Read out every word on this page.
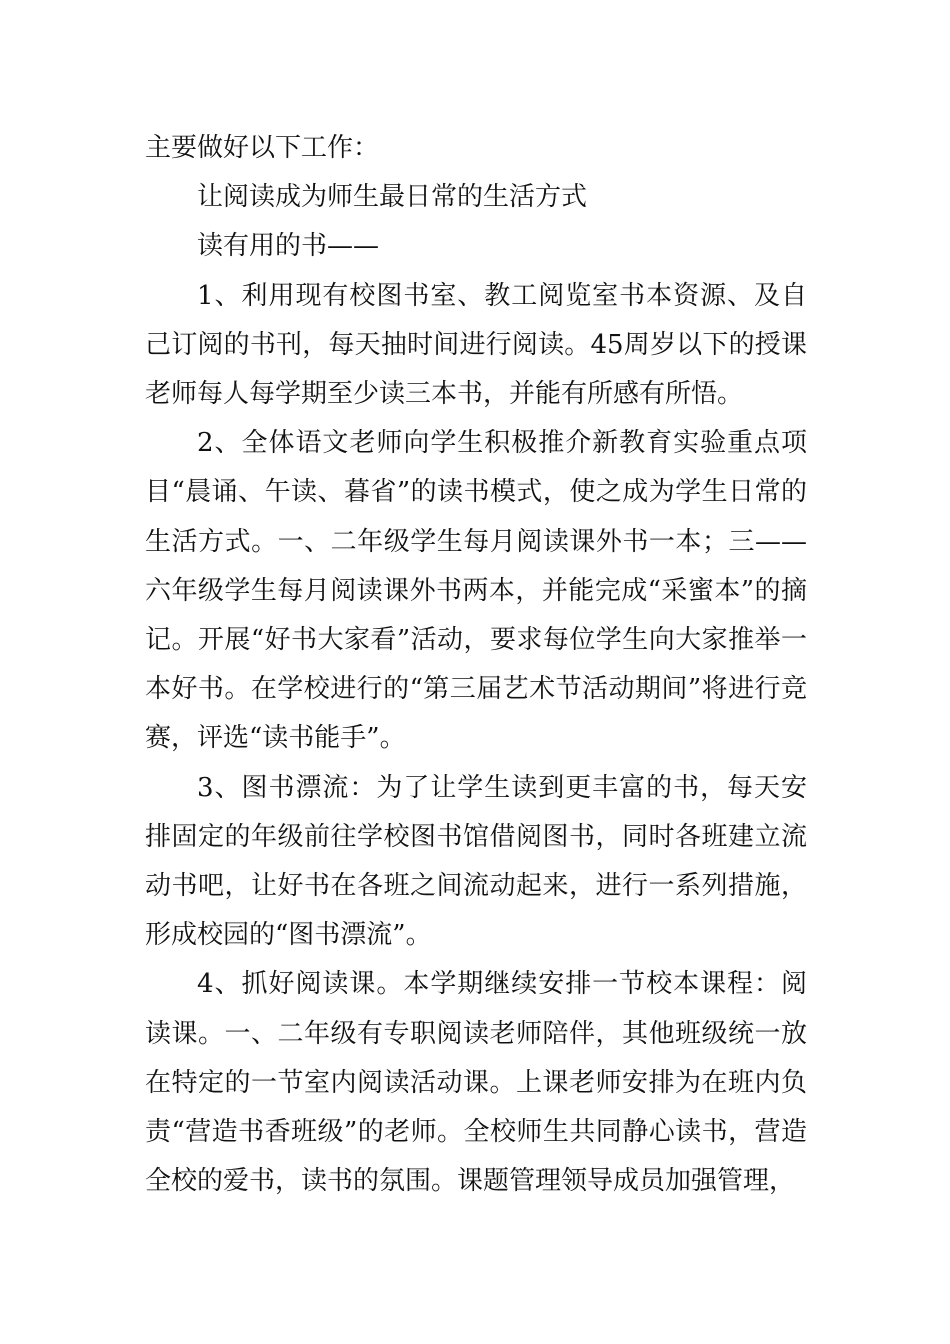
主要做好以下工作：

让阅读成为师生最日常的生活方式

读有用的书——

1、利用现有校图书室、教工阅览室书本资源、及自己订阅的书刊，每天抽时间进行阅读。45周岁以下的授课老师每人每学期至少读三本书，并能有所感有所悟。

2、全体语文老师向学生积极推介新教育实验重点项目“晨诵、午读、暮省”的读书模式，使之成为学生日常的生活方式。一、二年级学生每月阅读课外书一本；三——六年级学生每月阅读课外书两本，并能完成“采蜜本”的摘记。开展“好书大家看”活动，要求每位学生向大家推举一本好书。在学校进行的“第三届艺术节活动期间”将进行竞赛，评选“读书能手”。

3、图书漂流：为了让学生读到更丰富的书，每天安排固定的年级前往学校图书馆借阅图书，同时各班建立流动书吧，让好书在各班之间流动起来，进行一系列措施，形成校园的“图书漂流”。

4、抓好阅读课。本学期继续安排一节校本课程：阅读课。一、二年级有专职阅读老师陪伴，其他班级统一放在特定的一节室内阅读活动课。上课老师安排为在班内负责“营造书香班级”的老师。全校师生共同静心读书，营造全校的爱书，读书的氛围。课题管理领导成员加强管理，
